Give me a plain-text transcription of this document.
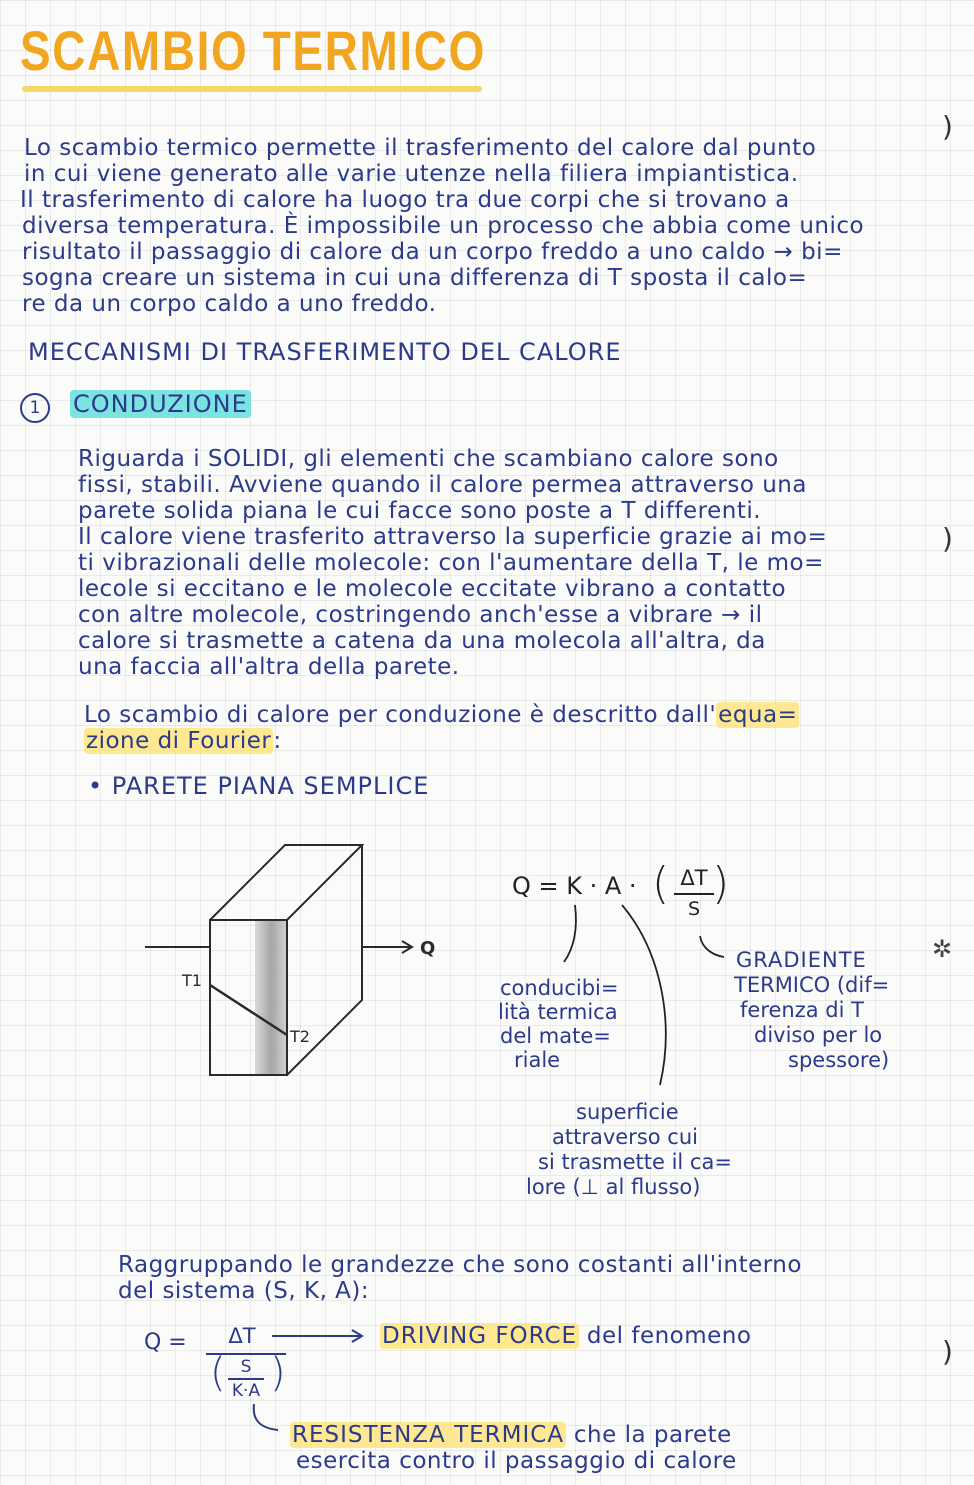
SCAMBIO TERMICO
)
)
)
✲
Lo scambio termico permette il trasferimento del calore dal punto
in cui viene generato alle varie utenze nella filiera impiantistica.
Il trasferimento di calore ha luogo tra due corpi che si trovano a
diversa temperatura. È impossibile un processo che abbia come unico
risultato il passaggio di calore da un corpo freddo a uno caldo → bi=
sogna creare un sistema in cui una differenza di T sposta il calo=
re da un corpo caldo a uno freddo.
MECCANISMI DI TRASFERIMENTO DEL CALORE
1	CONDUZIONE
Riguarda i SOLIDI, gli elementi che scambiano calore sono
fissi, stabili. Avviene quando il calore permea attraverso una
parete solida piana le cui facce sono poste a T differenti.
Il calore viene trasferito attraverso la superficie grazie ai mo=
ti vibrazionali delle molecole: con l'aumentare della T, le mo=
lecole si eccitano e le molecole eccitate vibrano a contatto
con altre molecole, costringendo anch'esse a vibrare → il
calore si trasmette a catena da una molecola all'altra, da
una faccia all'altra della parete.
Lo scambio di calore per conduzione è descritto dall'equa=
zione di Fourier:
• PARETE PIANA SEMPLICE
Q
T1
T2
Q = K · A · ( ΔT
S )
conducibi=
lità termica
del mate=
riale
GRADIENTE
TERMICO (dif=
ferenza di T
diviso per lo
spessore)
superficie
attraverso cui
si trasmette il ca=
lore (⊥ al flusso)
Raggruppando le grandezze che sono costanti all'interno
del sistema (S, K, A):
Q =	ΔT
( S
K·A )
DRIVING FORCE del fenomeno
RESISTENZA TERMICA che la parete
esercita contro il passaggio di calore
